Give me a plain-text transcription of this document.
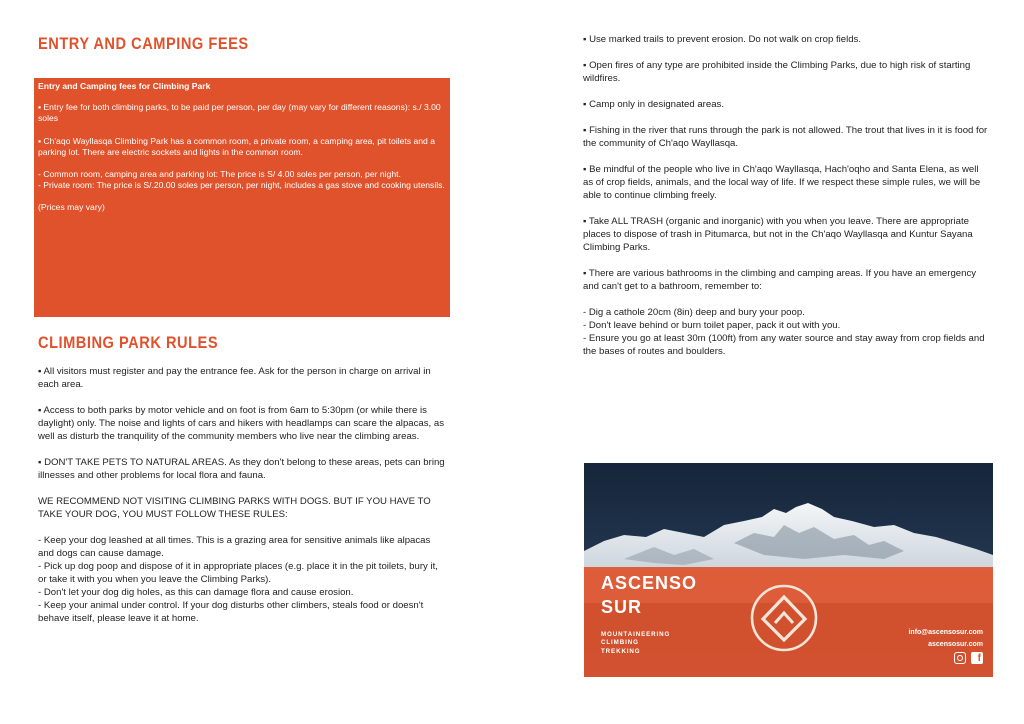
ENTRY AND CAMPING FEES

Entry and Camping fees for Climbing Park

▪ Entry fee for both climbing parks, to be paid per person, per day (may vary for different reasons): s./ 3.00 soles

▪ Ch'aqo Wayllasqa Climbing Park has a common room, a private room, a camping area, pit toilets and a parking lot. There are electric sockets and lights in the common room.

- Common room, camping area and parking lot: The price is S/ 4.00 soles per person, per night.

- Private room: The price is S/.20.00 soles per person, per night, includes a gas stove and cooking utensils.

(Prices may vary)

CLIMBING PARK RULES

▪ All visitors must register and pay the entrance fee. Ask for the person in charge on arrival in each area.

▪ Access to both parks by motor vehicle and on foot is from 6am to 5:30pm (or while there is daylight) only. The noise and lights of cars and hikers with headlamps can scare the alpacas, as well as disturb the tranquility of the community members who live near the climbing areas.

▪ DON'T TAKE PETS TO NATURAL AREAS. As they don't belong to these areas, pets can bring illnesses and other problems for local flora and fauna.

WE RECOMMEND NOT VISITING CLIMBING PARKS WITH DOGS. BUT IF YOU HAVE TO TAKE YOUR DOG, YOU MUST FOLLOW THESE RULES:

- Keep your dog leashed at all times. This is a grazing area for sensitive animals like alpacas and dogs can cause damage.

- Pick up dog poop and dispose of it in appropriate places (e.g. place it in the pit toilets, bury it, or take it with you when you leave the Climbing Parks).

- Don't let your dog dig holes, as this can damage flora and cause erosion.

- Keep your animal under control. If your dog disturbs other climbers, steals food or doesn't behave itself, please leave it at home.

▪ Use marked trails to prevent erosion. Do not walk on crop fields.

▪ Open fires of any type are prohibited inside the Climbing Parks, due to high risk of starting wildfires.

▪ Camp only in designated areas.

▪ Fishing in the river that runs through the park is not allowed. The trout that lives in it is food for the community of Ch'aqo Wayllasqa.

▪ Be mindful of the people who live in Ch'aqo Wayllasqa, Hach'oqho and Santa Elena, as well as of crop fields, animals, and the local way of life. If we respect these simple rules, we will be able to continue climbing freely.

▪ Take ALL TRASH (organic and inorganic) with you when you leave. There are appropriate places to dispose of trash in Pitumarca, but not in the Ch'aqo Wayllasqa and Kuntur Sayana Climbing Parks.

▪ There are various bathrooms in the climbing and camping areas. If you have an emergency and can't get to a bathroom, remember to:

- Dig a cathole 20cm (8in) deep and bury your poop.

- Don't leave behind or burn toilet paper, pack it out with you.

- Ensure you go at least 30m (100ft) from any water source and stay away from crop fields and the bases of routes and boulders.

ASCENSO
SUR
MOUNTAINEERING
CLIMBING
TREKKING
info@ascensosur.com
ascensosur.com
f
